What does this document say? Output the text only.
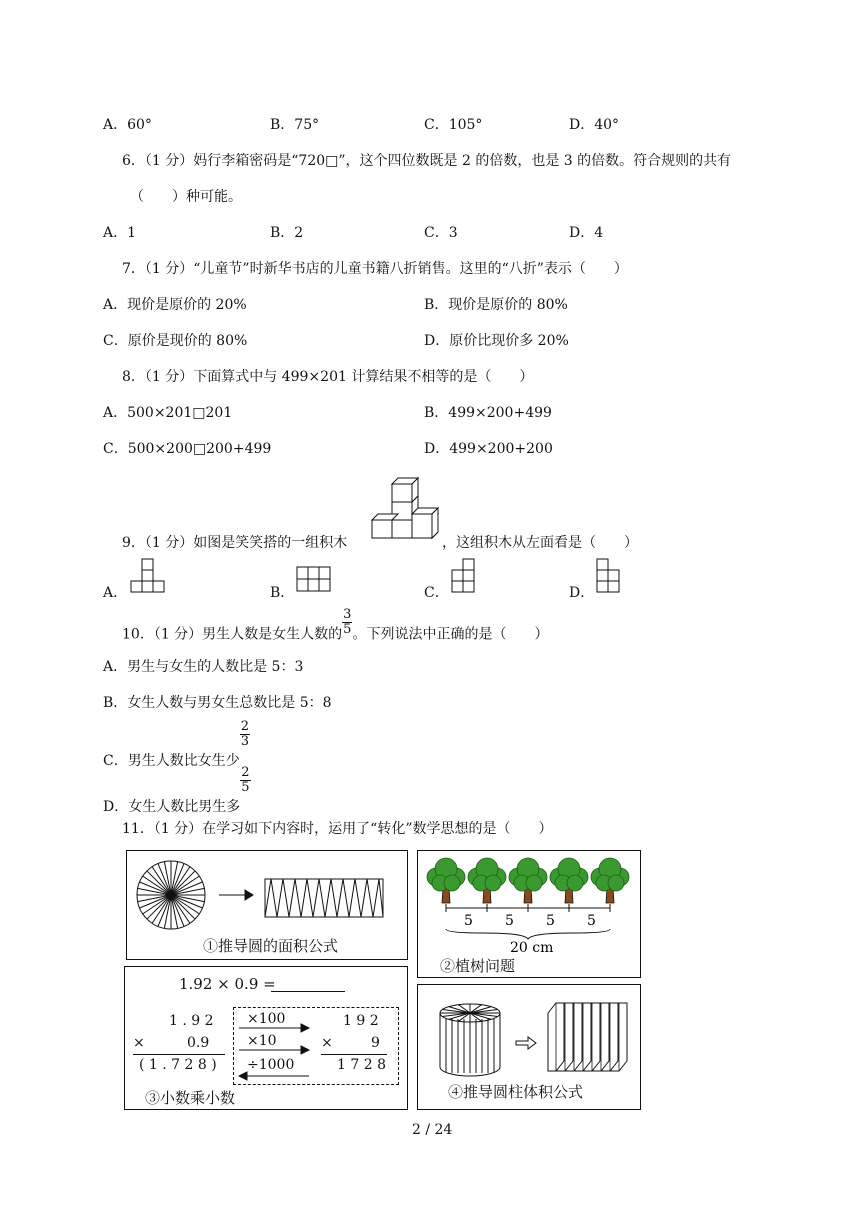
A．60°	B．75°	C．105°	D．40°
6．（1 分）妈行李箱密码是“720□”，这个四位数既是 2 的倍数，也是 3 的倍数。符合规则的共有
（　　）种可能。
A．1	B．2	C．3	D．4
7．（1 分）“儿童节”时新华书店的儿童书籍八折销售。这里的“八折”表示（　　）
A．现价是原价的 20%	B．现价是原价的 80%
C．原价是现价的 80%	D．原价比现价多 20%
8．（1 分）下面算式中与 499×201 计算结果不相等的是（　　）
A．500×201□201	B．499×200+499
C．500×200□200+499	D．499×200+200
9．（1 分）如图是笑笑搭的一组积木	，这组积木从左面看是（　　）
A．	B．	C．	D．
10．（1 分）男生人数是女生人数的 $\frac{3}{5}$ 。下列说法中正确的是（　　）
A．男生与女生的人数比是 5：3
B．女生人数与男女生总数比是 5：8
C．男生人数比女生少
$\frac{2}{3}$
D．女生人数比男生多
$\frac{2}{5}$
11．（1 分）在学习如下内容时，运用了“转化”数学思想的是（　　）
①推导圆的面积公式
5 5 5 5
20 cm
②植树问题
1.92 × 0.9 =
1 . 9 2
×	0.9
( 1 . 7 2 8 )
×100
×10
÷1000
1 9 2
×	9
1 7 2 8
③小数乘小数	④推导圆柱体积公式
2 / 24
